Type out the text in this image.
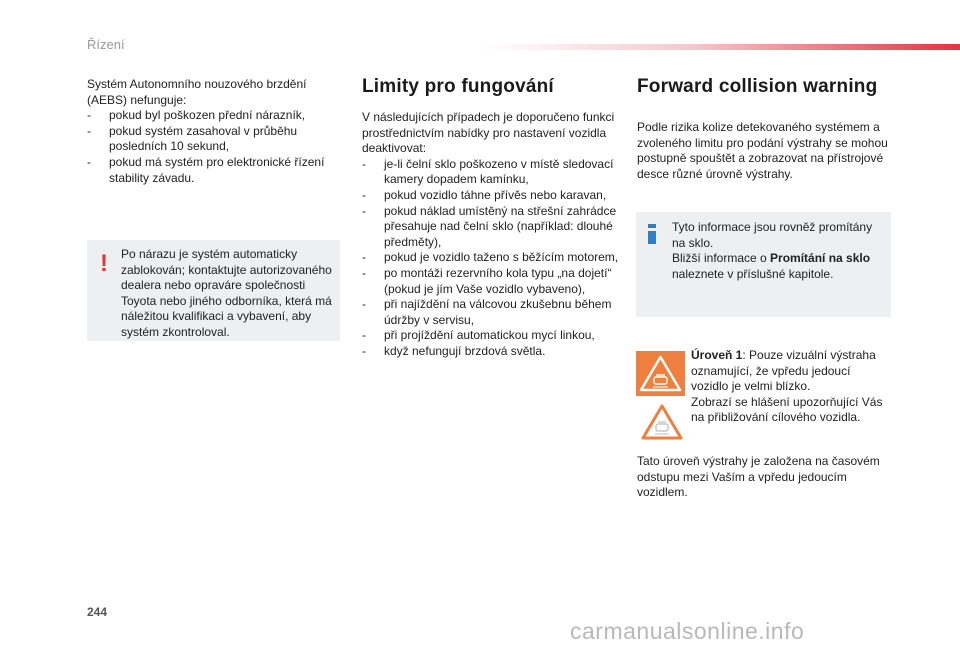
Řízení

Systém Autonomního nouzového brzdění (AEBS) nefunguje:

- pokud byl poškozen přední nárazník,
- pokud systém zasahoval v průběhu posledních 10 sekund,
- pokud má systém pro elektronické řízení stability závadu.
! Po nárazu je systém automaticky zablokován; kontaktujte autorizovaného dealera nebo opravárе společnosti Toyota nebo jiného odborníka, která má náležitou kvalifikaci a vybavení, aby systém zkontroloval.
Limity pro fungování

V následujících případech je doporučeno funkci prostřednictvím nabídky pro nastavení vozidla deaktivovat:

- je-li čelní sklo poškozeno v místě sledovací kamery dopadem kamínku,
- pokud vozidlo táhne přívěs nebo karavan,
- pokud náklad umístěný na střešní zahrádce přesahuje nad čelní sklo (například: dlouhé předměty),
- pokud je vozidlo taženo s běžícím motorem,
- po montáži rezervního kola typu „na dojetí“ (pokud je jím Vaše vozidlo vybaveno),
- při najíždění na válcovou zkušebnu během údržby v servisu,
- při projíždění automatickou mycí linkou,
- když nefungují brzdová světla.
Forward collision warning

Podle rizika kolize detekovaného systémem a zvoleného limitu pro podání výstrahy se mohou postupně spouštět a zobrazovat na přístrojové desce různé úrovně výstrahy.

Tyto informace jsou rovněž promítány na sklo.
Bližší informace o Promítání na sklo naleznete v příslušné kapitole.
Úroveň 1: Pouze vizuální výstraha oznamující, že vpředu jedoucí vozidlo je velmi blízko.
Zobrazí se hlášení upozorňující Vás na přibližování cílového vozidla.

Tato úroveň výstrahy je založena na časovém odstupu mezi Vaším a vpředu jedoucím vozidlem.

244
carmanualsonline.info
